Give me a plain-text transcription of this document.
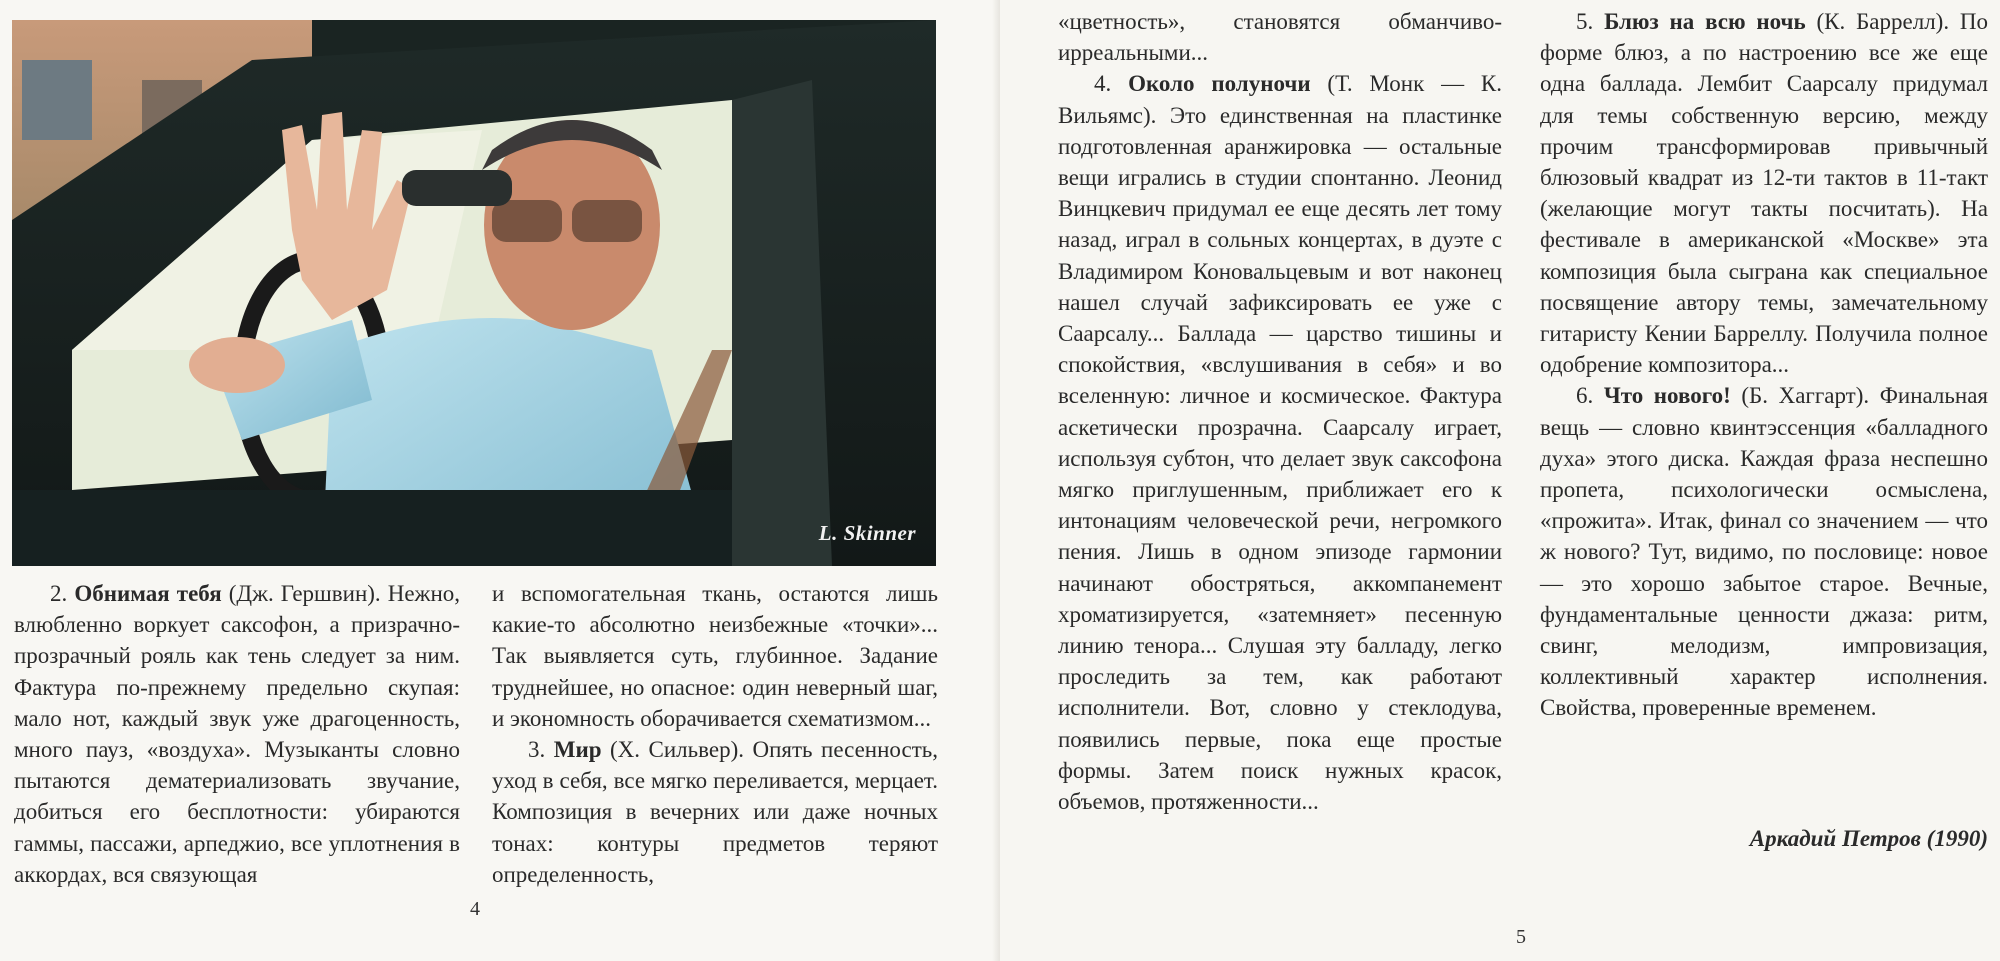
L. Skinner

2. Обнимая тебя (Дж. Гершвин). Нежно, влюбленно воркует саксофон, а призрачно-прозрачный рояль как тень следует за ним. Фактура по-прежнему предельно скупая: мало нот, каждый звук уже драгоценность, много пауз, «воздуха». Музыканты словно пытаются дематериализовать звучание, добиться его бесплотности: убираются гаммы, пассажи, арпеджио, все уплотнения в аккордах, вся связующая

и вспомогательная ткань, остаются лишь какие-то абсолютно неизбежные «точки»... Так выявляется суть, глубинное. Задание труднейшее, но опасное: один неверный шаг, и экономность оборачивается схематизмом...

3. Мир (Х. Сильвер). Опять песенность, уход в себя, все мягко переливается, мерцает. Композиция в вечерних или даже ночных тонах: контуры предметов теряют определенность,

4

«цветность», становятся обманчиво-ирреальными...

4. Около полуночи (Т. Монк — К. Вильямс). Это единственная на пластинке подготовленная аранжировка — остальные вещи игрались в студии спонтанно. Леонид Винцкевич придумал ее еще десять лет тому назад, играл в сольных концертах, в дуэте с Владимиром Коновальцевым и вот наконец нашел случай зафиксировать ее уже с Саарсалу... Баллада — царство тишины и спокойствия, «вслушивания в себя» и во вселенную: личное и космическое. Фактура аскетически прозрачна. Саарсалу играет, используя субтон, что делает звук саксофона мягко приглушенным, приближает его к интонациям человеческой речи, негромкого пения. Лишь в одном эпизоде гармонии начинают обостряться, аккомпанемент хроматизируется, «затемняет» песенную линию тенора... Слушая эту балладу, легко проследить за тем, как работают исполнители. Вот, словно у стеклодува, появились первые, пока еще простые формы. Затем поиск нужных красок, объемов, протяженности...

5. Блюз на всю ночь (К. Баррелл). По форме блюз, а по настроению все же еще одна баллада. Лембит Саарсалу придумал для темы собственную версию, между прочим трансформировав привычный блюзовый квадрат из 12-ти тактов в 11-такт (желающие могут такты посчитать). На фестивале в американской «Москве» эта композиция была сыграна как специальное посвящение автору темы, замечательному гитаристу Кении Барреллу. Получила полное одобрение композитора...

6. Что нового! (Б. Хаггарт). Финальная вещь — словно квинтэссенция «балладного духа» этого диска. Каждая фраза неспешно пропета, психологически осмыслена, «прожита». Итак, финал со значением — что ж нового? Тут, видимо, по пословице: новое — это хорошо забытое старое. Вечные, фундаментальные ценности джаза: ритм, свинг, мелодизм, импровизация, коллективный характер исполнения. Свойства, проверенные временем.

Аркадий Петров (1990)
5
